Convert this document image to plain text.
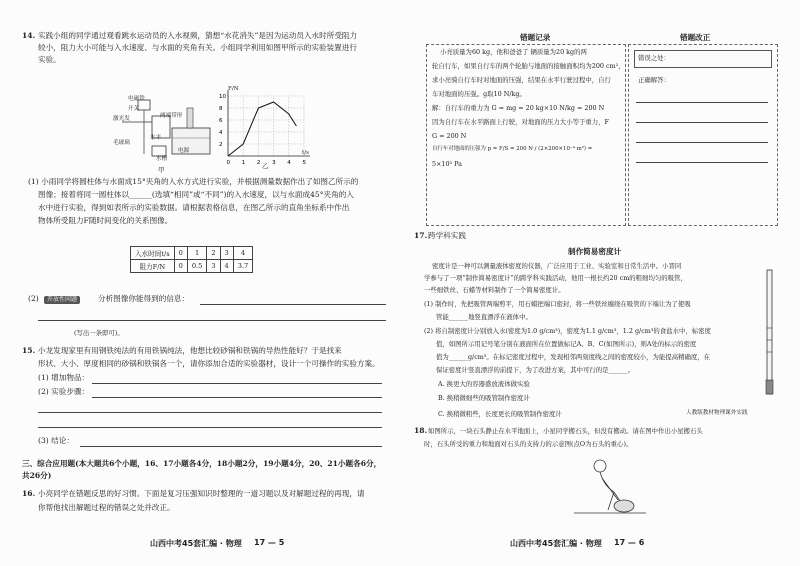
14. 实践小组的同学通过观看跳水运动员的入水视频，猜想“水花消失”是因为运动员入水时所受阻力
较小，阻力大小可能与入水速度、与水面的夹角有关。小组同学利用如图甲所示的实验装置进行
实验。
电磁铁
开关
激光发
毛玻璃
两端带形
水平
电源
水槽
甲
0 1 2 3 4 5
2
4
6
8
10
F/N
t/s
乙
(1) 小雨同学将圆柱体与水面成15°夹角的入水方式进行实验，并根据测量数据作出了如图乙所示的
图像；接着将同一圆柱体以______(选填“相同”或“不同”)的入水速度，以与水面成45°夹角的入
水中进行实验，得到如表所示的实验数据。请根据表格信息，在图乙所示的直角坐标系中作出
物体所受阻力F随时间变化的关系图像。
入水时间t/s	0	1	2	3	4
阻力F/N	0	0.5	3	4	3.7
(2)	开放性问题	分析图像你能得到的信息：
(写出一条即可)。
15. 小龙发现家里有用钢铁纯法的有用铁锅纯法，他想比较砂锅和铁锅的导热性能好？于是找来
形状、大小、厚度相同的砂锅和铁锅各一个，请你添加合适的实验器材，设计一个可操作的实验方案。
(1) 增加物品：
(2) 实验步骤：
(3) 结论：
三、综合应用题(本大题共6个小题，16、17小题各4分，18小题2分，19小题4分，20、21小题各6分，
共26分)
16. 小亮同学在错题反思的好习惯。下面是复习压强知识时整理的一道习题以及对解题过程的再现，请
你帮他找出解题过程的错误之处并改正。
山西中考45套汇编 · 物理 17 — 5
错题记录	错题改正
小亮质量为60 kg，他和爸爸了 辆质量为20 kg的两
轮自行车，如果自行车的两个轮胎与地面的接触面积均为200 cm²，
求小亮骑自行车时对地面的压强，结果在水平行驶过程中，自行
车对地面的压强。g取10 N/kg。
解：自行车的重力为 G = mg = 20 kg×10 N/kg = 200 N
因为自行车在水平路面上行驶，对地面的压力大小等于重力，F
G = 200 N
自行车对地面的压强为 p = F/S = 200 N / (2×200×10⁻⁴ m²) =
5×10³ Pa
错误之处：
正确解答：
17. 跨学科实践
制作简易密度计
密度计是一种可以测量液体密度的仪器，广泛应用于工业、实验室和日常生活中。小晋同
学参与了一项“制作简易密度计”的跨学科实践活动，他用一根长约20 cm的粗细均匀的吸管，
一些细铁丝、石蜡等材料制作了一个简易密度计。
(1) 制作时，先把吸管两端剪平，用石蜡把端口密封，将一些铁丝缠绕在吸管的下端让为了使吸
管能______地竖直漂浮在液体中。
(2) 将自制密度计分别放入水(密度为1.0 g/cm³)，密度为1.1 g/cm³，1.2 g/cm³的食盐水中，标密度
值，如图所示用记号笔分别在液面所在位置做标记A、B、C(如图所示)，则A处的标示的密度
值为______g/cm³。在标记密度过程中，发现相邻两刻度线之间的密度较小，为能提高精确度，在
保证密度计竖直漂浮的前提下，为了改进方案，其中可行的是______。
A. 换更大的容器盛放液体做实验
B. 换稍微细些的吸管制作密度计
C. 换稍微粗些，长度更长的吸管制作密度计	人教版教材物理课外实践
18. 如图所示，一块石头静止在水平地面上，小星同学搬石头，但没有搬动。请在图中作出小星搬石头
时，石头所受的重力和地面对石头的支持力的示意图(点O为石头的重心)。
山西中考45套汇编 · 物理 17 — 6
